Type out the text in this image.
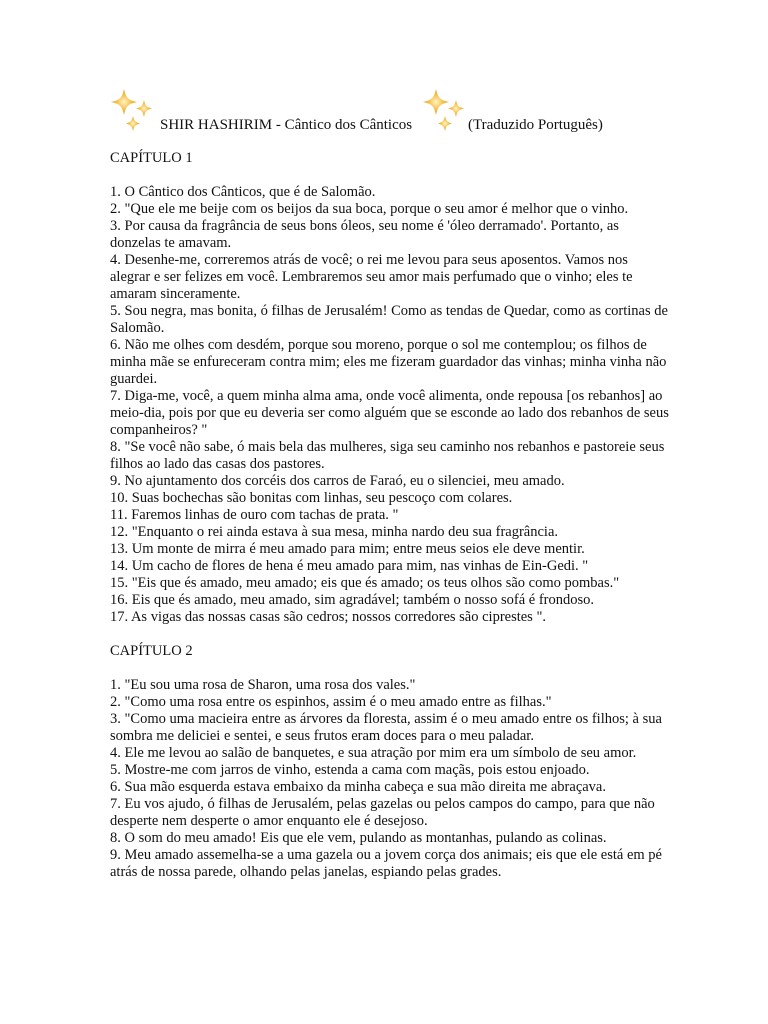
SHIR HASHIRIM - Cântico dos Cânticos	(Traduzido Português)

CAPÍTULO 1

1. O Cântico dos Cânticos, que é de Salomão.
2. "Que ele me beije com os beijos da sua boca, porque o seu amor é melhor que o vinho.
3. Por causa da fragrância de seus bons óleos, seu nome é 'óleo derramado'. Portanto, as donzelas te amavam.
4. Desenhe-me, correremos atrás de você; o rei me levou para seus aposentos. Vamos nos alegrar e ser felizes em você. Lembraremos seu amor mais perfumado que o vinho; eles te amaram sinceramente.
5. Sou negra, mas bonita, ó filhas de Jerusalém! Como as tendas de Quedar, como as cortinas de Salomão.
6. Não me olhes com desdém, porque sou moreno, porque o sol me contemplou; os filhos de minha mãe se enfureceram contra mim; eles me fizeram guardador das vinhas; minha vinha não guardei.
7. Diga-me, você, a quem minha alma ama, onde você alimenta, onde repousa [os rebanhos] ao meio-dia, pois por que eu deveria ser como alguém que se esconde ao lado dos rebanhos de seus companheiros? "
8. "Se você não sabe, ó mais bela das mulheres, siga seu caminho nos rebanhos e pastoreie seus filhos ao lado das casas dos pastores.
9. No ajuntamento dos corcéis dos carros de Faraó, eu o silenciei, meu amado.
10. Suas bochechas são bonitas com linhas, seu pescoço com colares.
11. Faremos linhas de ouro com tachas de prata. "
12. "Enquanto o rei ainda estava à sua mesa, minha nardo deu sua fragrância.
13. Um monte de mirra é meu amado para mim; entre meus seios ele deve mentir.
14. Um cacho de flores de hena é meu amado para mim, nas vinhas de Ein-Gedi. "
15. "Eis que és amado, meu amado; eis que és amado; os teus olhos são como pombas."
16. Eis que és amado, meu amado, sim agradável; também o nosso sofá é frondoso.
17. As vigas das nossas casas são cedros; nossos corredores são ciprestes ".

CAPÍTULO 2

1. "Eu sou uma rosa de Sharon, uma rosa dos vales."
2. "Como uma rosa entre os espinhos, assim é o meu amado entre as filhas."
3. "Como uma macieira entre as árvores da floresta, assim é o meu amado entre os filhos; à sua sombra me deliciei e sentei, e seus frutos eram doces para o meu paladar.
4. Ele me levou ao salão de banquetes, e sua atração por mim era um símbolo de seu amor.
5. Mostre-me com jarros de vinho, estenda a cama com maçãs, pois estou enjoado.
6. Sua mão esquerda estava embaixo da minha cabeça e sua mão direita me abraçava.
7. Eu vos ajudo, ó filhas de Jerusalém, pelas gazelas ou pelos campos do campo, para que não desperte nem desperte o amor enquanto ele é desejoso.
8. O som do meu amado! Eis que ele vem, pulando as montanhas, pulando as colinas.
9. Meu amado assemelha-se a uma gazela ou a jovem corça dos animais; eis que ele está em pé atrás de nossa parede, olhando pelas janelas, espiando pelas grades.
